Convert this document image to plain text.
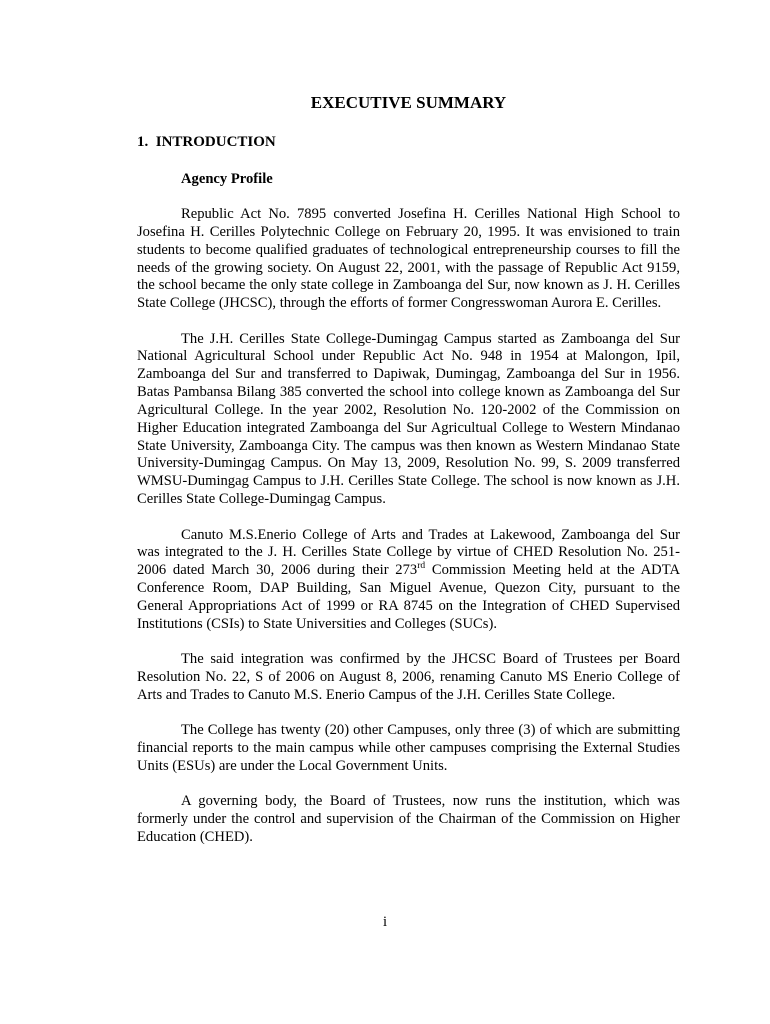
EXECUTIVE SUMMARY
1.  INTRODUCTION
Agency Profile

Republic Act No. 7895 converted Josefina H. Cerilles National High School to Josefina H. Cerilles Polytechnic College on February 20, 1995. It was envisioned to train students to become qualified graduates of technological entrepreneurship courses to fill the needs of the growing society. On August 22, 2001, with the passage of Republic Act 9159, the school became the only state college in Zamboanga del Sur, now known as J. H. Cerilles State College (JHCSC), through the efforts of former Congresswoman Aurora E. Cerilles.

The J.H. Cerilles State College-Dumingag Campus started as Zamboanga del Sur National Agricultural School under Republic Act No. 948 in 1954 at Malongon, Ipil, Zamboanga del Sur and transferred to Dapiwak, Dumingag, Zamboanga del Sur in 1956. Batas Pambansa Bilang 385 converted the school into college known as Zamboanga del Sur Agricultural College. In the year 2002, Resolution No. 120-2002 of the Commission on Higher Education integrated Zamboanga del Sur Agricultual College to Western Mindanao State University, Zamboanga City. The campus was then known as Western Mindanao State University-Dumingag Campus. On May 13, 2009, Resolution No. 99, S. 2009 transferred WMSU-Dumingag Campus to J.H. Cerilles State College. The school is now known as J.H. Cerilles State College-Dumingag Campus.

Canuto M.S.Enerio College of Arts and Trades at Lakewood, Zamboanga del Sur was integrated to the J. H. Cerilles State College by virtue of CHED Resolution No. 251-2006 dated March 30, 2006 during their 273rd Commission Meeting held at the ADTA Conference Room, DAP Building, San Miguel Avenue, Quezon City, pursuant to the General Appropriations Act of 1999 or RA 8745 on the Integration of CHED Supervised Institutions (CSIs) to State Universities and Colleges (SUCs).

The said integration was confirmed by the JHCSC Board of Trustees per Board Resolution No. 22, S of 2006 on August 8, 2006, renaming Canuto MS Enerio College of Arts and Trades to Canuto M.S. Enerio Campus of the J.H. Cerilles State College.

The College has twenty (20) other Campuses, only three (3) of which are submitting financial reports to the main campus while other campuses comprising the External Studies Units (ESUs) are under the Local Government Units.

A governing body, the Board of Trustees, now runs the institution, which was formerly under the control and supervision of the Chairman of the Commission on Higher Education (CHED).

i
